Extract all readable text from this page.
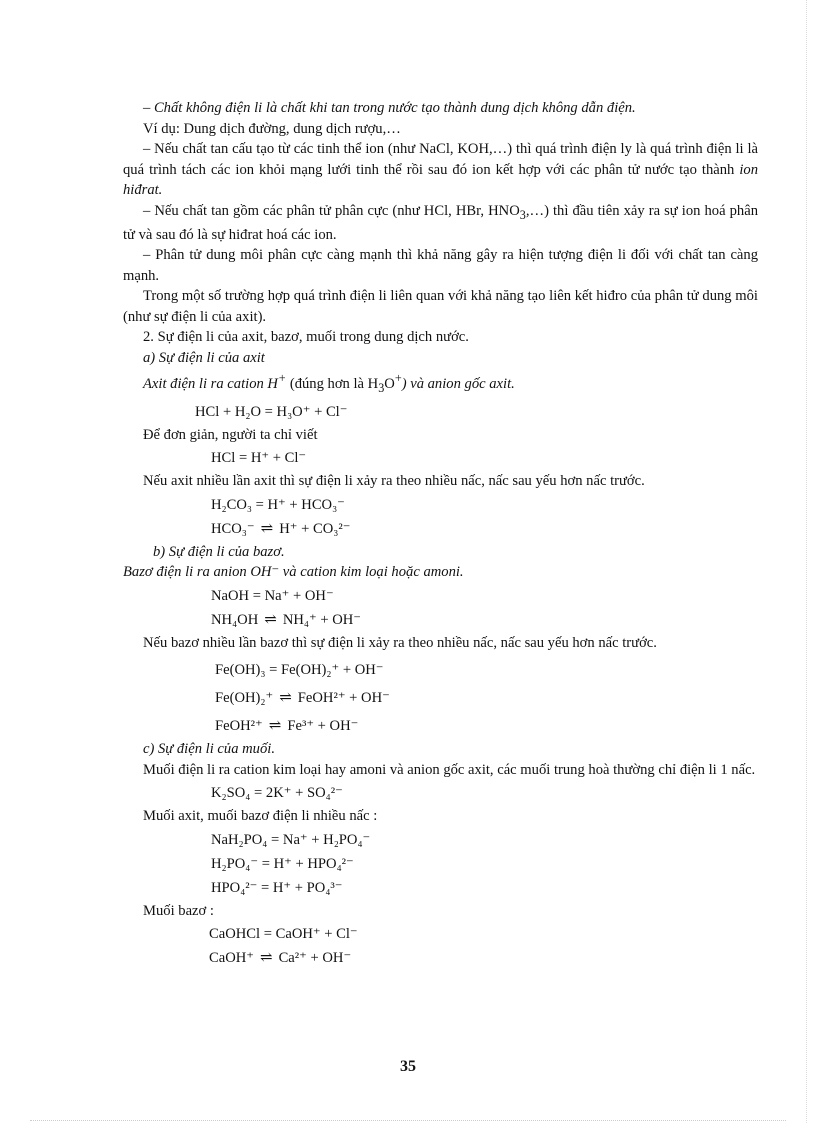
– Chất không điện li là chất khi tan trong nước tạo thành dung dịch không dẫn điện.

Ví dụ: Dung dịch đường, dung dịch rượu,…

– Nếu chất tan cấu tạo từ các tinh thể ion (như NaCl, KOH,…) thì quá trình điện ly là quá trình điện li là quá trình tách các ion khỏi mạng lưới tinh thể rồi sau đó ion kết hợp với các phân tử nước tạo thành ion hiđrat.

– Nếu chất tan gồm các phân tử phân cực (như HCl, HBr, $HNO_3,\dots$) thì đầu tiên xảy ra sự ion hoá phân tử và sau đó là sự hiđrat hoá các ion.

– Phân tử dung môi phân cực càng mạnh thì khả năng gây ra hiện tượng điện li đối với chất tan càng mạnh.

Trong một số trường hợp quá trình điện li liên quan với khả năng tạo liên kết hiđro của phân tử dung môi (như sự điện li của axit).

2. Sự điện li của axit, bazơ, muối trong dung dịch nước.

a) Sự điện li của axit

Axit điện li ra cation H+ (đúng hơn là $H_3O^+$) và anion gốc axit.

HCl + H₂O = H₃O⁺ + Cl⁻

Để đơn giản, người ta chỉ viết

HCl = H⁺ + Cl⁻

Nếu axit nhiều lần axit thì sự điện li xảy ra theo nhiều nấc, nấc sau yếu hơn nấc trước.

H₂CO₃ = H⁺ + HCO₃⁻
HCO₃⁻ ⇌ H⁺ + CO₃²⁻

b) Sự điện li của bazơ.

Bazơ điện li ra anion OH⁻ và cation kim loại hoặc amoni.

NaOH = Na⁺ + OH⁻
NH₄OH ⇌ NH₄⁺ + OH⁻

Nếu bazơ nhiều lần bazơ thì sự điện li xảy ra theo nhiều nấc, nấc sau yếu hơn nấc trước.

Fe(OH)₃ = Fe(OH)₂⁺ + OH⁻
Fe(OH)₂⁺ ⇌ FeOH²⁺ + OH⁻
FeOH²⁺ ⇌ Fe³⁺ + OH⁻

c) Sự điện li của muối.

Muối điện li ra cation kim loại hay amoni và anion gốc axit, các muối trung hoà thường chỉ điện li 1 nấc.

K₂SO₄ = 2K⁺ + SO₄²⁻

Muối axit, muối bazơ điện li nhiều nấc :

NaH₂PO₄ = Na⁺ + H₂PO₄⁻
H₂PO₄⁻ = H⁺ + HPO₄²⁻
HPO₄²⁻ = H⁺ + PO₄³⁻

Muối bazơ :

CaOHCl = CaOH⁺ + Cl⁻
CaOH⁺ ⇌ Ca²⁺ + OH⁻
35
